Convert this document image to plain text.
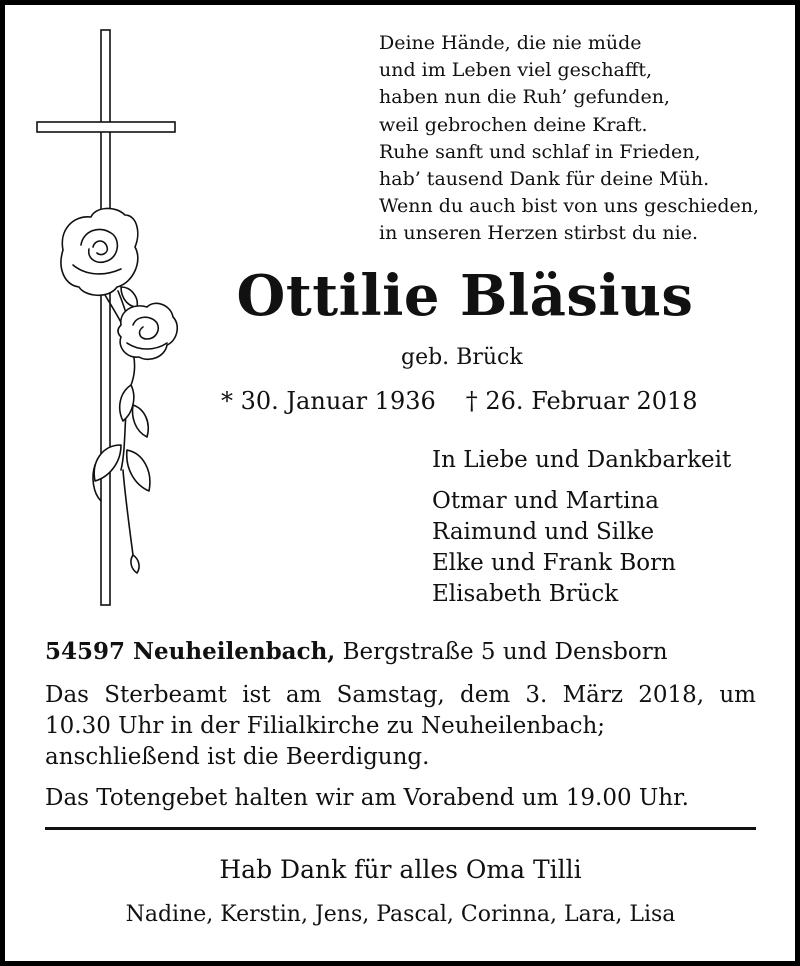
Deine Hände, die nie müde
und im Leben viel geschafft,
haben nun die Ruh’ gefunden,
weil gebrochen deine Kraft.
Ruhe sanft und schlaf in Frieden,
hab’ tausend Dank für deine Müh.
Wenn du auch bist von uns geschieden,
in unseren Herzen stirbst du nie.
Ottilie Bläsius
geb. Brück
* 30. Januar 1936 † 26. Februar 2018
In Liebe und Dankbarkeit
Otmar und Martina
Raimund und Silke
Elke und Frank Born
Elisabeth Brück
54597 Neuheilenbach, Bergstraße 5 und Densborn
Das Sterbeamt ist am Samstag, dem 3. März 2018, um 10.30 Uhr in der Filialkirche zu Neuheilenbach;
anschließend ist die Beerdigung.
Das Totengebet halten wir am Vorabend um 19.00 Uhr.
Hab Dank für alles Oma Tilli
Nadine, Kerstin, Jens, Pascal, Corinna, Lara, Lisa
